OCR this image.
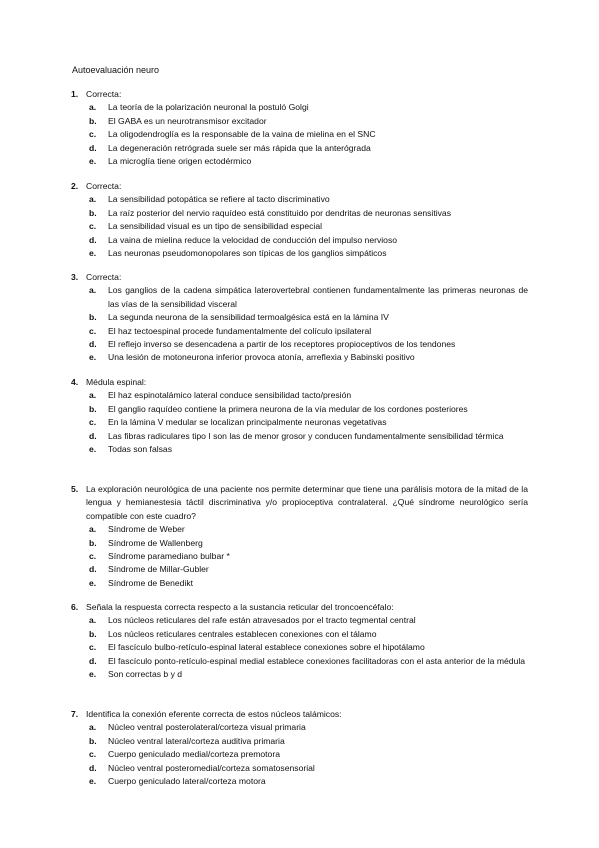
Autoevaluación neuro
1. Correcta:
a. La teoría de la polarización neuronal la postuló Golgi
b. El GABA es un neurotransmisor excitador
c. La oligodendroglía es la responsable de la vaina de mielina en el SNC
d. La degeneración retrógrada suele ser más rápida que la anterógrada
e. La microglía tiene origen ectodérmico
2. Correcta:
a. La sensibilidad potopática se refiere al tacto discriminativo
b. La raíz posterior del nervio raquídeo está constituido por dendritas de neuronas sensitivas
c. La sensibilidad visual es un tipo de sensibilidad especial
d. La vaina de mielina reduce la velocidad de conducción del impulso nervioso
e. Las neuronas pseudomonopolares son típicas de los ganglios simpáticos
3. Correcta:
a. Los ganglios de la cadena simpática laterovertebral contienen fundamentalmente las primeras neuronas de las vías de la sensibilidad visceral
b. La segunda neurona de la sensibilidad termoalgésica está en la lámina IV
c. El haz tectoespinal procede fundamentalmente del colículo ipsilateral
d. El reflejo inverso se desencadena a partir de los receptores propioceptivos de los tendones
e. Una lesión de motoneurona inferior provoca atonía, arreflexia y Babinski positivo
4. Médula espinal:
a. El haz espinotalámico lateral conduce sensibilidad tacto/presión
b. El ganglio raquídeo contiene la primera neurona de la vía medular de los cordones posteriores
c. En la lámina V medular se localizan principalmente neuronas vegetativas
d. Las fibras radiculares tipo I son las de menor grosor y conducen fundamentalmente sensibilidad térmica
e. Todas son falsas
5. La exploración neurológica de una paciente nos permite determinar que tiene una parálisis motora de la mitad de la lengua y hemianestesia táctil discriminativa y/o propioceptiva contralateral. ¿Qué síndrome neurológico sería compatible con este cuadro?
a. Síndrome de Weber
b. Síndrome de Wallenberg
c. Síndrome paramediano bulbar *
d. Síndrome de Millar-Gubler
e. Síndrome de Benedikt
6. Señala la respuesta correcta respecto a la sustancia reticular del troncoencéfalo:
a. Los núcleos reticulares del rafe están atravesados por el tracto tegmental central
b. Los núcleos reticulares centrales establecen conexiones con el tálamo
c. El fascículo bulbo-retículo-espinal lateral establece conexiones sobre el hipotálamo
d. El fascículo ponto-retículo-espinal medial establece conexiones facilitadoras con el asta anterior de la médula
e. Son correctas b y d
7. Identifica la conexión eferente correcta de estos núcleos talámicos:
a. Núcleo ventral posterolateral/corteza visual primaria
b. Núcleo ventral lateral/corteza auditiva primaria
c. Cuerpo geniculado medial/corteza premotora
d. Núcleo ventral posteromedial/corteza somatosensorial
e. Cuerpo geniculado lateral/corteza motora
